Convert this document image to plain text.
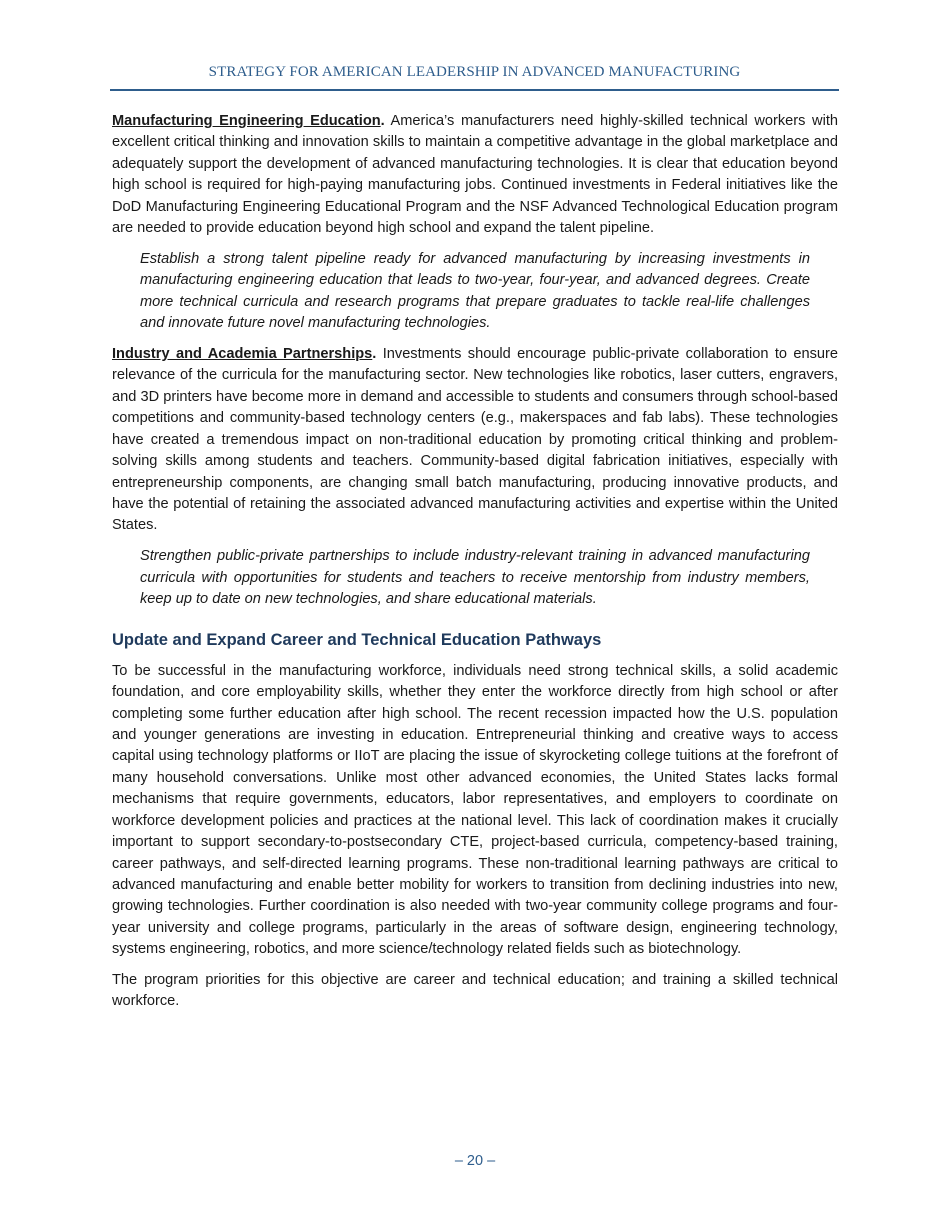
STRATEGY FOR AMERICAN LEADERSHIP IN ADVANCED MANUFACTURING

Manufacturing Engineering Education. America’s manufacturers need highly-skilled technical workers with excellent critical thinking and innovation skills to maintain a competitive advantage in the global marketplace and adequately support the development of advanced manufacturing technologies. It is clear that education beyond high school is required for high-paying manufacturing jobs. Continued investments in Federal initiatives like the DoD Manufacturing Engineering Educational Program and the NSF Advanced Technological Education program are needed to provide education beyond high school and expand the talent pipeline.

Establish a strong talent pipeline ready for advanced manufacturing by increasing investments in manufacturing engineering education that leads to two-year, four-year, and advanced degrees. Create more technical curricula and research programs that prepare graduates to tackle real-life challenges and innovate future novel manufacturing technologies.

Industry and Academia Partnerships. Investments should encourage public-private collaboration to ensure relevance of the curricula for the manufacturing sector. New technologies like robotics, laser cutters, engravers, and 3D printers have become more in demand and accessible to students and consumers through school-based competitions and community-based technology centers (e.g., makerspaces and fab labs). These technologies have created a tremendous impact on non-traditional education by promoting critical thinking and problem-solving skills among students and teachers. Community-based digital fabrication initiatives, especially with entrepreneurship components, are changing small batch manufacturing, producing innovative products, and have the potential of retaining the associated advanced manufacturing activities and expertise within the United States.

Strengthen public-private partnerships to include industry-relevant training in advanced manufacturing curricula with opportunities for students and teachers to receive mentorship from industry members, keep up to date on new technologies, and share educational materials.

Update and Expand Career and Technical Education Pathways

To be successful in the manufacturing workforce, individuals need strong technical skills, a solid academic foundation, and core employability skills, whether they enter the workforce directly from high school or after completing some further education after high school. The recent recession impacted how the U.S. population and younger generations are investing in education. Entrepreneurial thinking and creative ways to access capital using technology platforms or IIoT are placing the issue of skyrocketing college tuitions at the forefront of many household conversations. Unlike most other advanced economies, the United States lacks formal mechanisms that require governments, educators, labor representatives, and employers to coordinate on workforce development policies and practices at the national level. This lack of coordination makes it crucially important to support secondary-to-postsecondary CTE, project-based curricula, competency-based training, career pathways, and self-directed learning programs. These non-traditional learning pathways are critical to advanced manufacturing and enable better mobility for workers to transition from declining industries into new, growing technologies. Further coordination is also needed with two-year community college programs and four-year university and college programs, particularly in the areas of software design, engineering technology, systems engineering, robotics, and more science/technology related fields such as biotechnology.

The program priorities for this objective are career and technical education; and training a skilled technical workforce.

– 20 –
